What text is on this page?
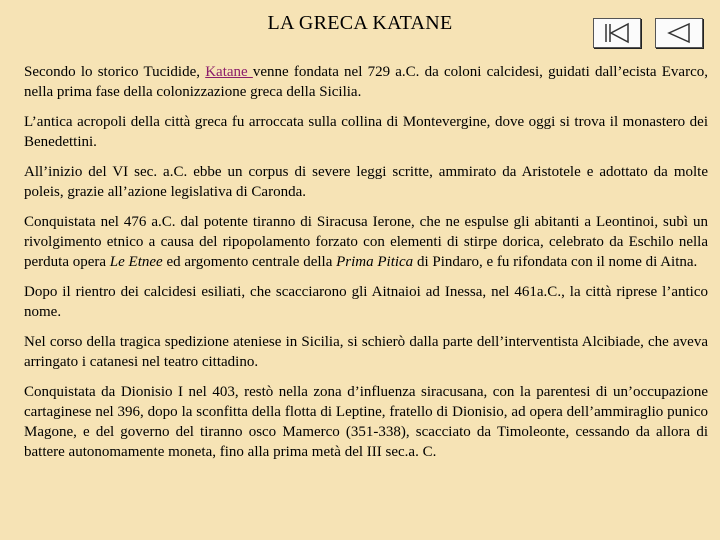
LA GRECA KATANE

Secondo lo storico Tucidide, Katane venne fondata nel 729 a.C. da coloni calcidesi, guidati dall’ecista Evarco, nella prima fase della colonizzazione greca della Sicilia.

L’antica acropoli della città greca fu arroccata sulla collina di Montevergine, dove oggi si trova il monastero dei Benedettini.

All’inizio del VI sec. a.C. ebbe un corpus di severe leggi scritte, ammirato da Aristotele e adottato da molte poleis, grazie all’azione legislativa di Caronda.

Conquistata nel 476 a.C. dal potente tiranno di Siracusa Ierone, che ne espulse gli abitanti a Leontinoi, subì un rivolgimento etnico a causa del ripopolamento forzato con elementi di stirpe dorica, celebrato da Eschilo nella perduta opera Le Etnee ed argomento centrale della Prima Pitica di Pindaro, e fu rifondata con il nome di Aitna.

Dopo il rientro dei calcidesi esiliati, che scacciarono gli Aitnaioi ad Inessa, nel 461a.C., la città riprese l’antico nome.

Nel corso della tragica spedizione ateniese in Sicilia, si schierò dalla parte dell’interventista Alcibiade, che aveva arringato i catanesi nel teatro cittadino.

Conquistata da Dionisio I nel 403, restò nella zona d’influenza siracusana, con la parentesi di un’occupazione cartaginese nel 396, dopo la sconfitta della flotta di Leptine, fratello di Dionisio, ad opera dell’ammiraglio punico Magone, e del governo del tiranno osco Mamerco (351-338), scacciato da Timoleonte, cessando da allora di battere autonomamente moneta, fino alla prima metà del III sec.a. C.
